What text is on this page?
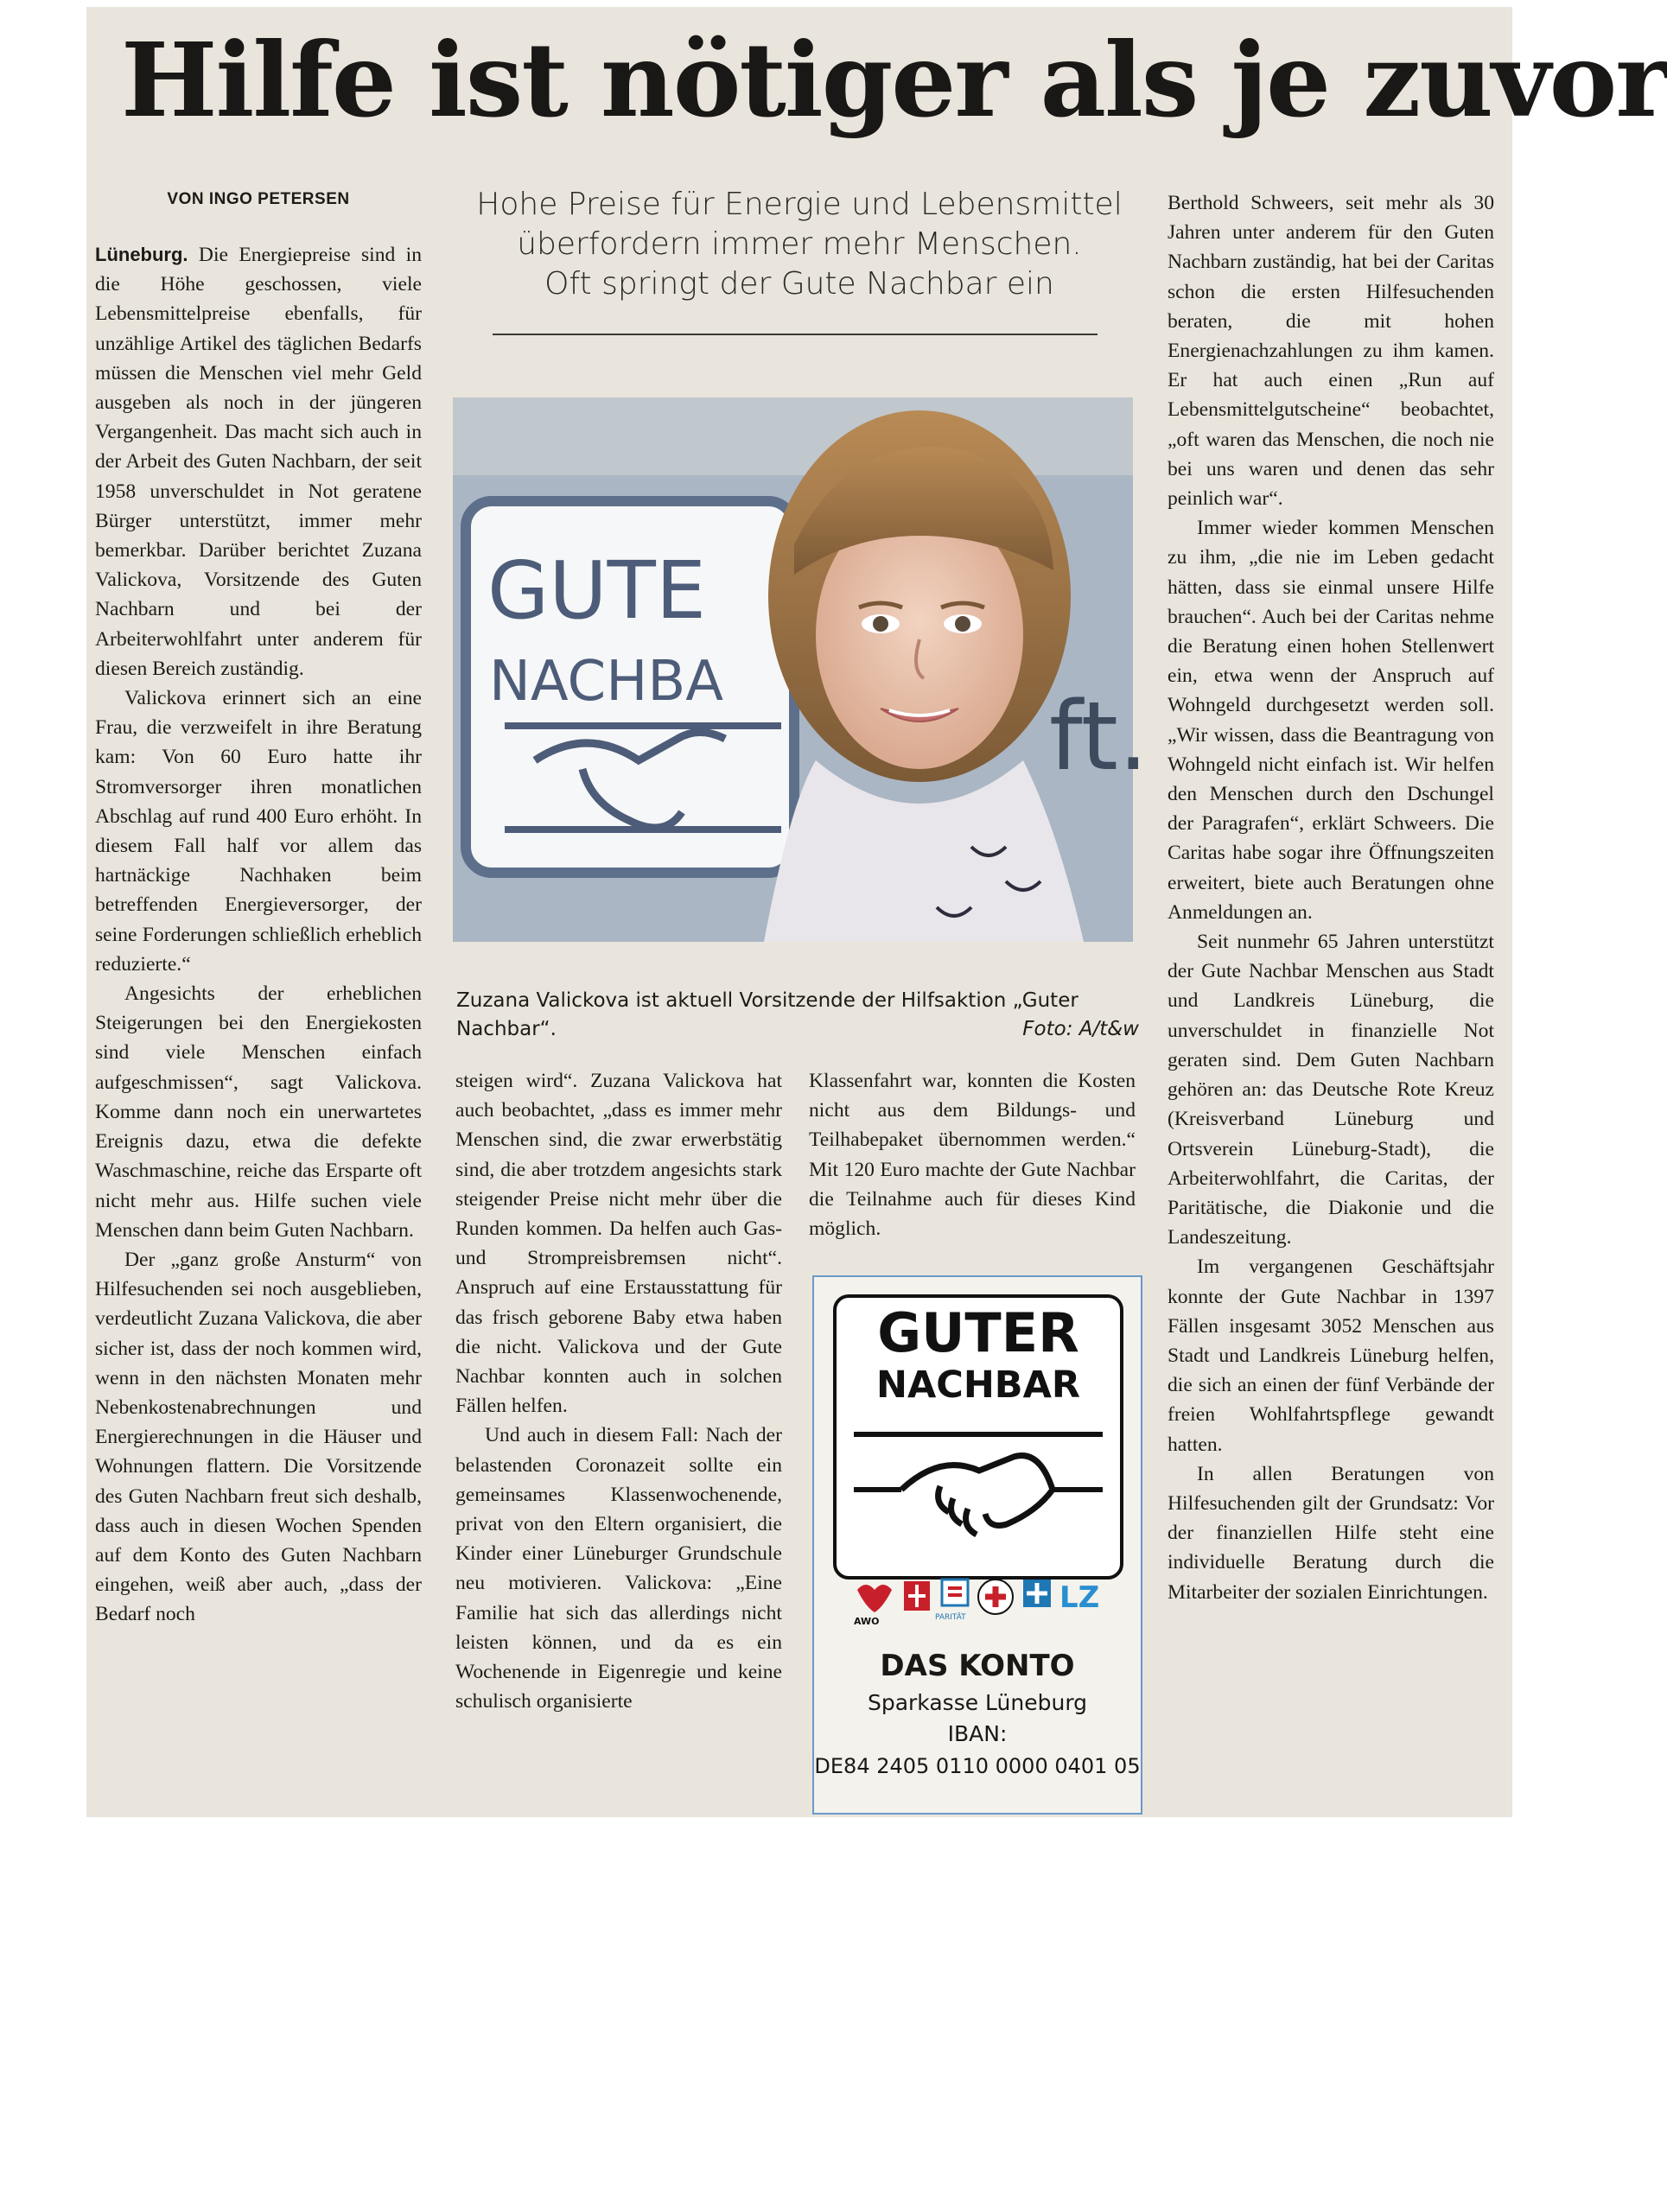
Hilfe ist nötiger als je zuvor
VON INGO PETERSEN

Lüneburg. Die Energiepreise sind in die Höhe geschossen, viele Lebensmittelpreise ebenfalls, für unzählige Artikel des täglichen Bedarfs müssen die Menschen viel mehr Geld ausgeben als noch in der jüngeren Vergangenheit. Das macht sich auch in der Arbeit des Guten Nachbarn, der seit 1958 unverschuldet in Not geratene Bürger unterstützt, immer mehr bemerkbar. Darüber berichtet Zuzana Valickova, Vorsitzende des Guten Nachbarn und bei der Arbeiterwohlfahrt unter anderem für diesen Bereich zuständig.

Valickova erinnert sich an eine Frau, die verzweifelt in ihre Beratung kam: Von 60 Euro hatte ihr Stromversorger ihren monatlichen Abschlag auf rund 400 Euro erhöht. In diesem Fall half vor allem das hartnäckige Nachhaken beim betreffenden Energieversorger, der seine Forderungen schließlich erheblich reduzierte.“

Angesichts der erheblichen Steigerungen bei den Energiekosten sind viele Menschen einfach aufgeschmissen“, sagt Valickova. Komme dann noch ein unerwartetes Ereignis dazu, etwa die defekte Waschmaschine, reiche das Ersparte oft nicht mehr aus. Hilfe suchen viele Menschen dann beim Guten Nachbarn.

Der „ganz große Ansturm“ von Hilfesuchenden sei noch ausgeblieben, verdeutlicht Zuzana Valickova, die aber sicher ist, dass der noch kommen wird, wenn in den nächsten Monaten mehr Nebenkostenabrechnungen und Energierechnungen in die Häuser und Wohnungen flattern. Die Vorsitzende des Guten Nachbarn freut sich deshalb, dass auch in diesen Wochen Spenden auf dem Konto des Guten Nachbarn eingehen, weiß aber auch, „dass der Bedarf noch

Hohe Preise für Energie und Lebensmittel
überfordern immer mehr Menschen.
Oft springt der Gute Nachbar ein
GUTE
NACHBA	ft.
Zuzana Valickova ist aktuell Vorsitzende der Hilfsaktion „Guter Nachbar“.	Foto: A/t&w

steigen wird“. Zuzana Valickova hat auch beobachtet, „dass es immer mehr Menschen sind, die zwar erwerbstätig sind, die aber trotzdem angesichts stark steigender Preise nicht mehr über die Runden kommen. Da helfen auch Gas- und Strompreisbremsen nicht“. Anspruch auf eine Erstausstattung für das frisch geborene Baby etwa haben die nicht. Valickova und der Gute Nachbar konnten auch in solchen Fällen helfen.

Und auch in diesem Fall: Nach der belastenden Coronazeit sollte ein gemeinsames Klassenwochenende, privat von den Eltern organisiert, die Kinder einer Lüneburger Grundschule neu motivieren. Valickova: „Eine Familie hat sich das allerdings nicht leisten können, und da es ein Wochenende in Eigenregie und keine schulisch organisierte

Klassenfahrt war, konnten die Kosten nicht aus dem Bildungs- und Teilhabepaket übernommen werden.“ Mit 120 Euro machte der Gute Nachbar die Teilnahme auch für dieses Kind möglich.

GUTER
NACHBAR
AWO	PARITÄT
LZ
DAS KONTO
Sparkasse Lüneburg
IBAN:
DE84 2405 0110 0000 0401 05

Berthold Schweers, seit mehr als 30 Jahren unter anderem für den Guten Nachbarn zuständig, hat bei der Caritas schon die ersten Hilfesuchenden beraten, die mit hohen Energienachzahlungen zu ihm kamen. Er hat auch einen „Run auf Lebensmittelgutscheine“ beobachtet, „oft waren das Menschen, die noch nie bei uns waren und denen das sehr peinlich war“.

Immer wieder kommen Menschen zu ihm, „die nie im Leben gedacht hätten, dass sie einmal unsere Hilfe brauchen“. Auch bei der Caritas nehme die Beratung einen hohen Stellenwert ein, etwa wenn der Anspruch auf Wohngeld durchgesetzt werden soll. „Wir wissen, dass die Beantragung von Wohngeld nicht einfach ist. Wir helfen den Menschen durch den Dschungel der Paragrafen“, erklärt Schweers. Die Caritas habe sogar ihre Öffnungszeiten erweitert, biete auch Beratungen ohne Anmeldungen an.

Seit nunmehr 65 Jahren unterstützt der Gute Nachbar Menschen aus Stadt und Landkreis Lüneburg, die unverschuldet in finanzielle Not geraten sind. Dem Guten Nachbarn gehören an: das Deutsche Rote Kreuz (Kreisverband Lüneburg und Ortsverein Lüneburg-Stadt), die Arbeiterwohlfahrt, die Caritas, der Paritätische, die Diakonie und die Landeszeitung.

Im vergangenen Geschäftsjahr konnte der Gute Nachbar in 1397 Fällen insgesamt 3052 Menschen aus Stadt und Landkreis Lüneburg helfen, die sich an einen der fünf Verbände der freien Wohlfahrtspflege gewandt hatten.

In allen Beratungen von Hilfesuchenden gilt der Grundsatz: Vor der finanziellen Hilfe steht eine individuelle Beratung durch die Mitarbeiter der sozialen Einrichtungen.
